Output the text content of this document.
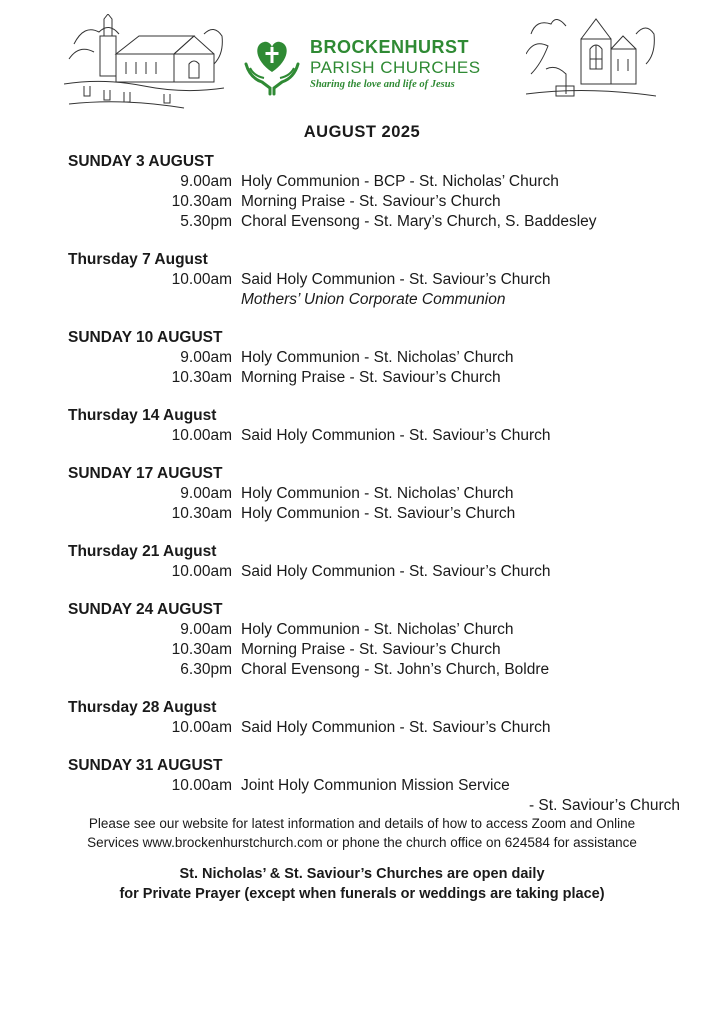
BROCKENHURST
PARISH CHURCHES
Sharing the love and life of Jesus
AUGUST 2025
SUNDAY 3 AUGUST
9.00am Holy Communion - BCP - St. Nicholas’ Church
10.30am Morning Praise - St. Saviour’s Church
5.30pm Choral Evensong - St. Mary’s Church, S. Baddesley
Thursday 7 August
10.00am Said Holy Communion - St. Saviour’s Church
Mothers’ Union Corporate Communion
SUNDAY 10 AUGUST
9.00am Holy Communion - St. Nicholas’ Church
10.30am Morning Praise - St. Saviour’s Church
Thursday 14 August
10.00am Said Holy Communion - St. Saviour’s Church
SUNDAY 17 AUGUST
9.00am Holy Communion - St. Nicholas’ Church
10.30am Holy Communion - St. Saviour’s Church
Thursday 21 August
10.00am Said Holy Communion - St. Saviour’s Church
SUNDAY 24 AUGUST
9.00am Holy Communion - St. Nicholas’ Church
10.30am Morning Praise - St. Saviour’s Church
6.30pm Choral Evensong - St. John’s Church, Boldre
Thursday 28 August
10.00am Said Holy Communion - St. Saviour’s Church
SUNDAY 31 AUGUST
10.00am Joint Holy Communion Mission Service
- St. Saviour’s Church
Please see our website for latest information and details of how to access Zoom and Online
Services www.brockenhurstchurch.com or phone the church office on 624584 for assistance
St. Nicholas’ & St. Saviour’s Churches are open daily
for Private Prayer (except when funerals or weddings are taking place)
